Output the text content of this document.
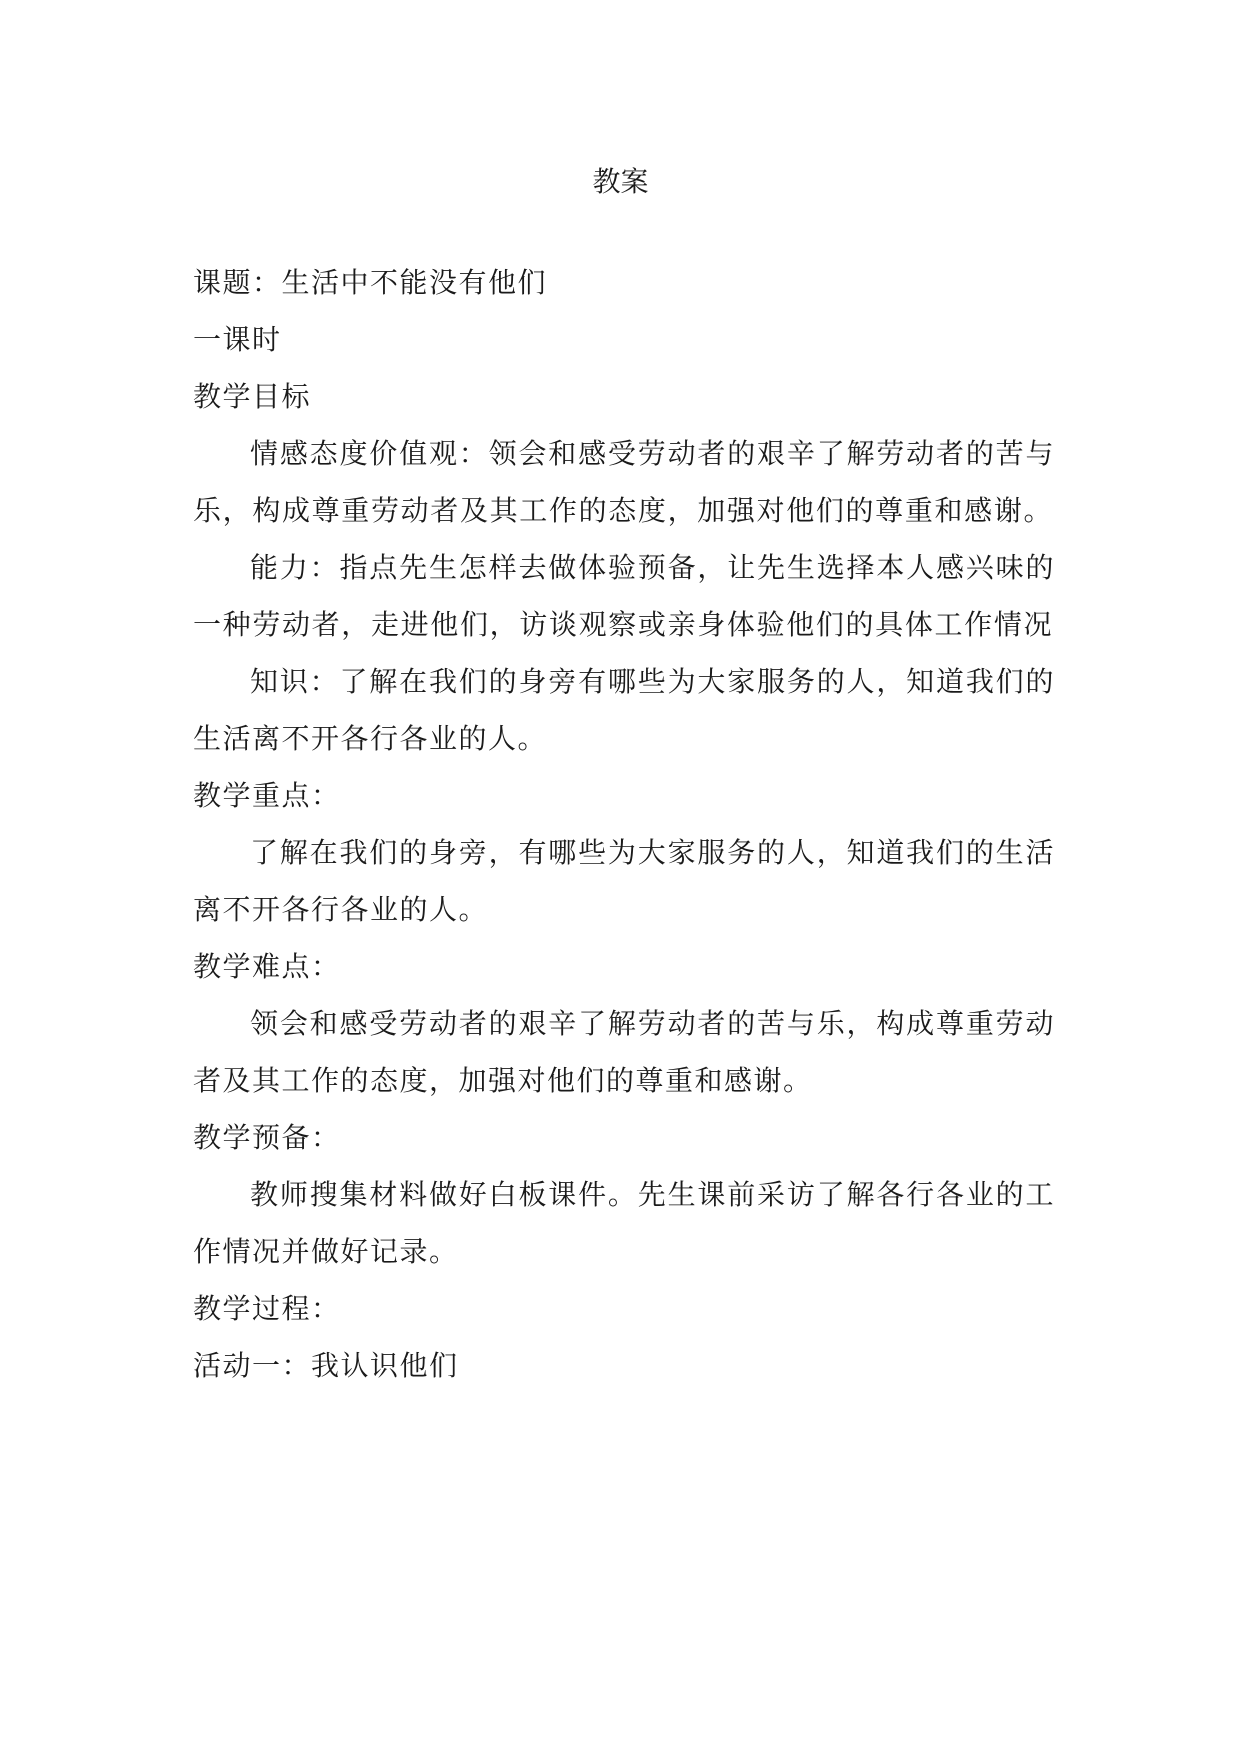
教案
课题：生活中不能没有他们
一课时
教学目标
情感态度价值观：领会和感受劳动者的艰辛了解劳动者的苦与
乐，构成尊重劳动者及其工作的态度，加强对他们的尊重和感谢。
能力：指点先生怎样去做体验预备，让先生选择本人感兴味的
一种劳动者，走进他们，访谈观察或亲身体验他们的具体工作情况
知识：了解在我们的身旁有哪些为大家服务的人，知道我们的
生活离不开各行各业的人。
教学重点：
了解在我们的身旁，有哪些为大家服务的人，知道我们的生活
离不开各行各业的人。
教学难点：
领会和感受劳动者的艰辛了解劳动者的苦与乐，构成尊重劳动
者及其工作的态度，加强对他们的尊重和感谢。
教学预备：
教师搜集材料做好白板课件。先生课前采访了解各行各业的工
作情况并做好记录。
教学过程：
活动一：我认识他们
